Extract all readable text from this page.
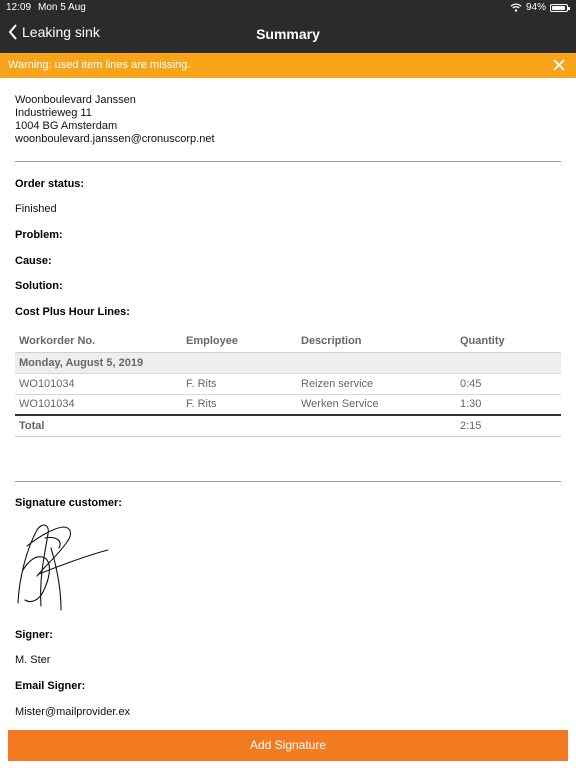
12:09 Mon 5 Aug	94%
Leaking sink	Summary
Warning: used item lines are missing.
Woonboulevard Janssen
Industrieweg 11
1004 BG Amsterdam
woonboulevard.janssen@cronuscorp.net
Order status:
Finished
Problem:
Cause:
Solution:
Cost Plus Hour Lines:
Workorder No.	Employee	Description	Quantity
Monday, August 5, 2019			
WO101034	F. Rits	Reizen service	0:45
WO101034	F. Rits	Werken Service	1:30
Total			2:15
Signature customer:
Signer:
M. Ster
Email Signer:
Mister@mailprovider.ex
Add Signature
